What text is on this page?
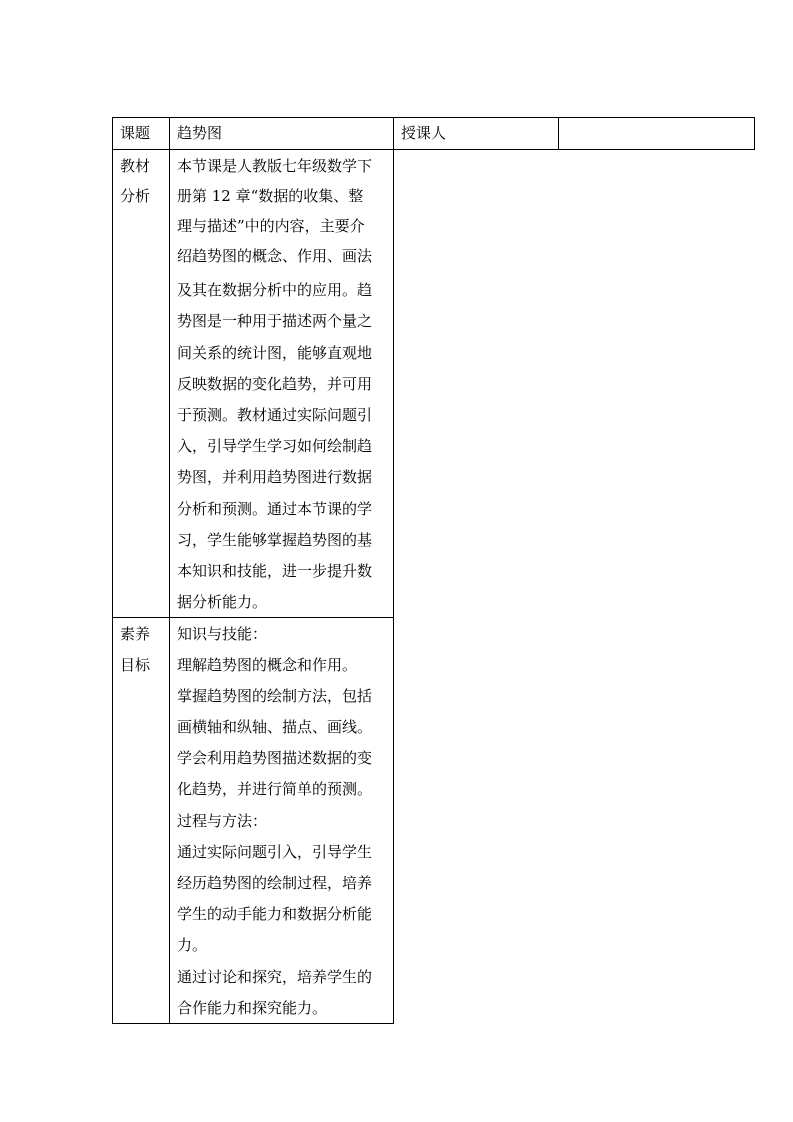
课题 趋势图	授课人
教材
分析
本节课是人教版七年级数学下
册第 12 章“数据的收集、整
理与描述”中的内容，主要介
绍趋势图的概念、作用、画法
及其在数据分析中的应用。趋
势图是一种用于描述两个量之
间关系的统计图，能够直观地
反映数据的变化趋势，并可用
于预测。教材通过实际问题引
入，引导学生学习如何绘制趋
势图，并利用趋势图进行数据
分析和预测。通过本节课的学
习，学生能够掌握趋势图的基
本知识和技能，进一步提升数
据分析能力。
素养
目标
知识与技能：
理解趋势图的概念和作用。
掌握趋势图的绘制方法，包括
画横轴和纵轴、描点、画线。
学会利用趋势图描述数据的变
化趋势，并进行简单的预测。
过程与方法：
通过实际问题引入，引导学生
经历趋势图的绘制过程，培养
学生的动手能力和数据分析能
力。
通过讨论和探究，培养学生的
合作能力和探究能力。
